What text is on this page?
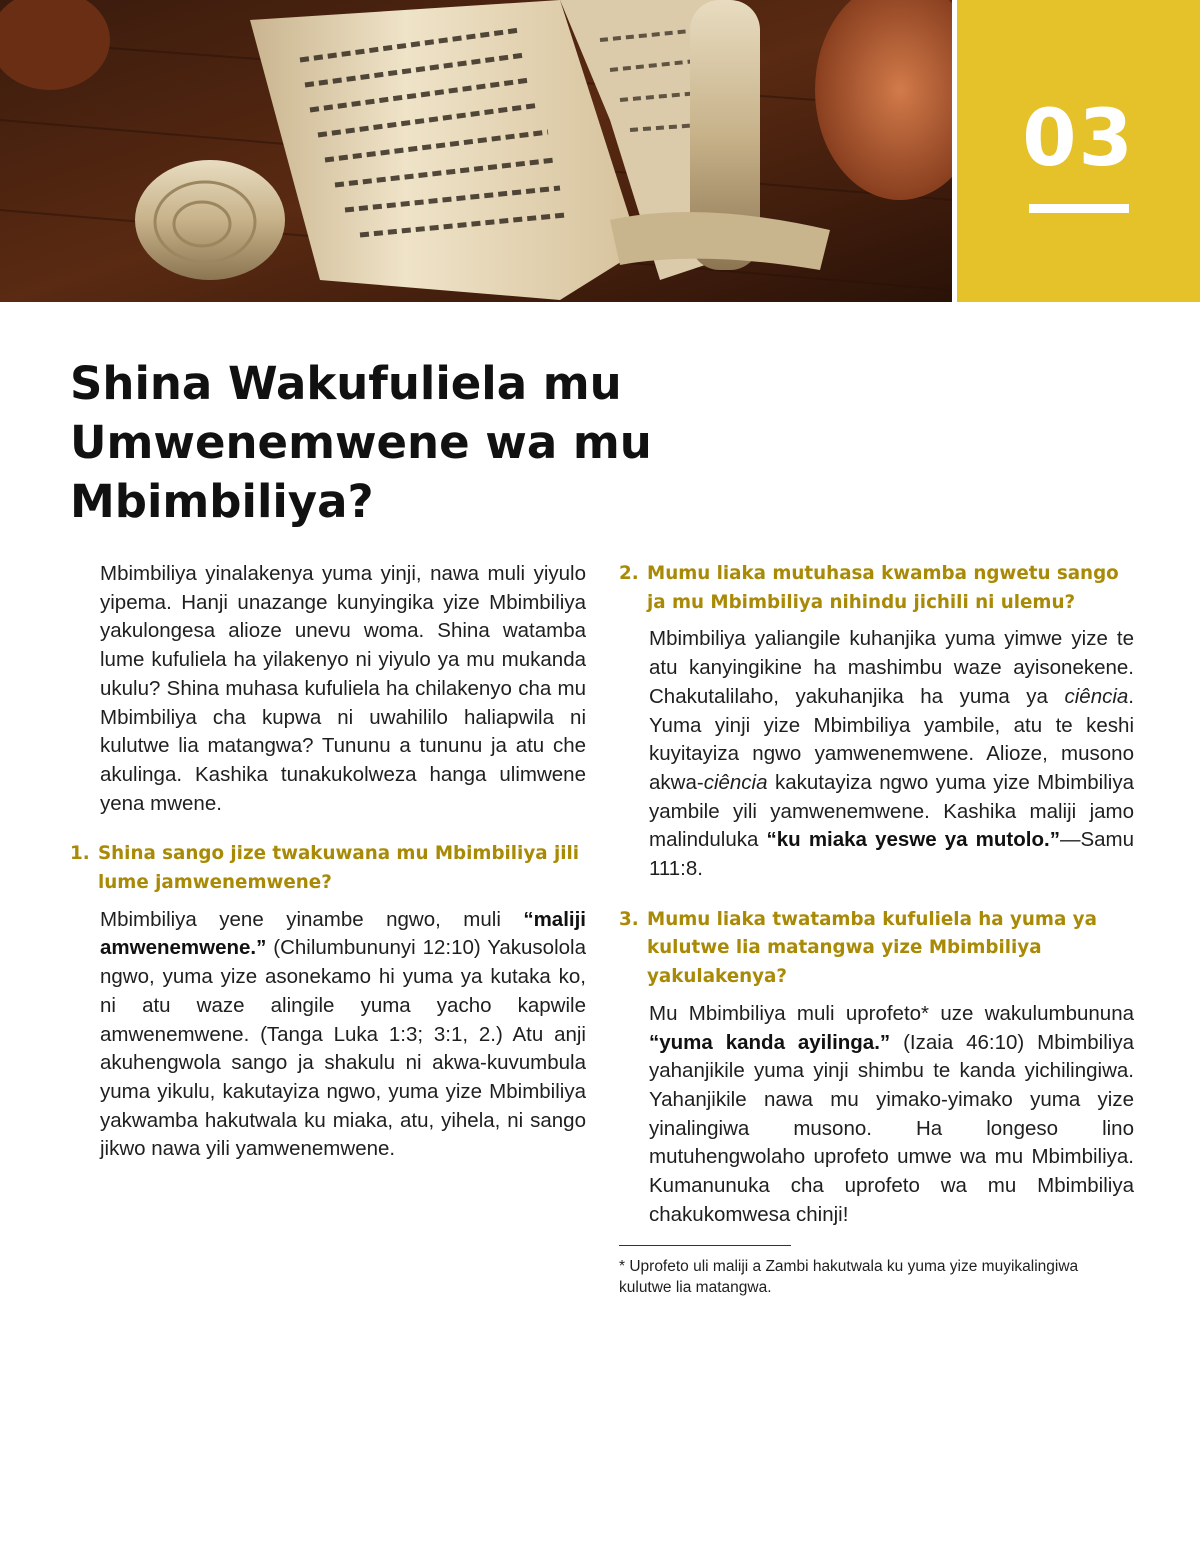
03
Shina Wakufuliela mu Umwenemwene wa mu Mbimbiliya?

Mbimbiliya yinalakenya yuma yinji, nawa muli yiyulo yipema. Hanji unazange kunyingika yize Mbimbiliya yakulongesa alioze unevu woma. Shina watamba lume kufuliela ha yilakenyo ni yiyulo ya mu mukanda ukulu? Shina muhasa kufuliela ha chilakenyo cha mu Mbimbiliya cha kupwa ni uwahililo haliapwila ni kulutwe lia matangwa? Tununu a tununu ja atu che akulinga. Kashika tunakukolweza hanga ulimwene yena mwene.

1. Shina sango jize twakuwana mu Mbimbiliya jili lume jamwenemwene?

Mbimbiliya yene yinambe ngwo, muli “maliji amwenemwene.” (Chilumbununyi 12:10) Yakusolola ngwo, yuma yize asonekamo hi yuma ya kutaka ko, ni atu waze alingile yuma yacho kapwile amwenemwene. (Tanga Luka 1:3; 3:1, 2.) Atu anji akuhengwola sango ja shakulu ni akwa-kuvumbula yuma yikulu, kakutayiza ngwo, yuma yize Mbimbiliya yakwamba hakutwala ku miaka, atu, yihela, ni sango jikwo nawa yili yamwenemwene.

2. Mumu liaka mutuhasa kwamba ngwetu sango ja mu Mbimbiliya nihindu jichili ni ulemu?

Mbimbiliya yaliangile kuhanjika yuma yimwe yize te atu kanyingikine ha mashimbu waze ayisonekene. Chakutalilaho, yakuhanjika ha yuma ya ciência. Yuma yinji yize Mbimbiliya yambile, atu te keshi kuyitayiza ngwo yamwenemwene. Alioze, musono akwa-ciência kakutayiza ngwo yuma yize Mbimbiliya yambile yili yamwenemwene. Kashika maliji jamo malinduluka “ku miaka yeswe ya mutolo.”—Samu 111:8.

3. Mumu liaka twatamba kufuliela ha yuma ya kulutwe lia matangwa yize Mbimbiliya yakulakenya?

Mu Mbimbiliya muli uprofeto* uze wakulumbununa “yuma kanda ayilinga.” (Izaia 46:10) Mbimbiliya yahanjikile yuma yinji shimbu te kanda yichilingiwa. Yahanjikile nawa mu yimako-yimako yuma yize yinalingiwa musono. Ha longeso lino mutuhengwolaho uprofeto umwe wa mu Mbimbiliya. Kumanunuka cha uprofeto wa mu Mbimbiliya chakukomwesa chinji!

* Uprofeto uli maliji a Zambi hakutwala ku yuma yize muyikalingiwa kulutwe lia matangwa.
